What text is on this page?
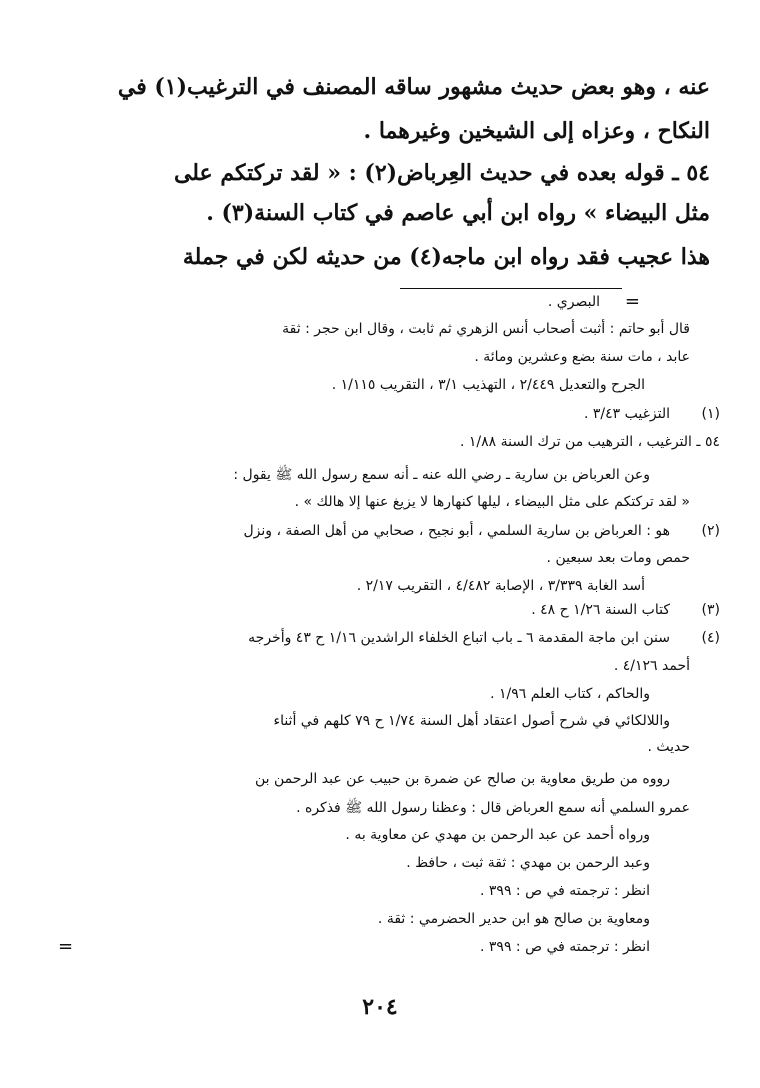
عنه ، وهو بعض حديث مشهور ساقه المصنف في الترغيب(١) في
النكاح ، وعزاه إلى الشيخين وغيرهما .
٥٤ ـ قوله بعده في حديث العِرباض(٢) : « لقد تركتكم على
مثل البيضاء » رواه ابن أبي عاصم في كتاب السنة(٣) .
هذا عجيب فقد رواه ابن ماجه(٤) من حديثه لكن في جملة
=
(١)
(٢)
(٣)
(٤)
البصري .
قال أبو حاتم : أثبت أصحاب أنس الزهري ثم ثابت ، وقال ابن حجر : ثقة
عابد ، مات سنة بضع وعشرين ومائة .
الجرح والتعديل ٢/٤٤٩ ، التهذيب ٣/١ ، التقريب ١/١١٥ .
التزغيب ٣/٤٣ .
٥٤ ـ الترغيب ، الترهيب من ترك السنة ١/٨٨ .
وعن العرباض بن سارية ـ رضي الله عنه ـ أنه سمع رسول الله ﷺ يقول :
« لقد تركتكم على مثل البيضاء ، ليلها كنهارها لا يزيغ عنها إلا هالك » .
هو : العرباض بن سارية السلمي ، أبو نجيح ، صحابي من أهل الصفة ، ونزل
حمص ومات بعد سبعين .
أسد الغابة ٣/٣٣٩ ، الإصابة ٤/٤٨٢ ، التقريب ٢/١٧ .
كتاب السنة ١/٢٦ ح ٤٨ .
سنن ابن ماجة المقدمة ٦ ـ باب اتباع الخلفاء الراشدين ١/١٦ ح ٤٣ وأخرجه
أحمد ٤/١٢٦ .
والحاكم ، كتاب العلم ١/٩٦ .
واللالكائي في شرح أصول اعتقاد أهل السنة ١/٧٤ ح ٧٩ كلهم في أثناء
حديث .
رووه من طريق معاوية بن صالح عن ضمرة بن حبيب عن عبد الرحمن بن
عمرو السلمي أنه سمع العرباض قال : وعظنا رسول الله ﷺ فذكره .
ورواه أحمد عن عبد الرحمن بن مهدي عن معاوية به .
وعبد الرحمن بن مهدي : ثقة ثبت ، حافظ .
انظر : ترجمته في ص : ٣٩٩ .
ومعاوية بن صالح هو ابن حدير الحضرمي : ثقة .
انظر : ترجمته في ص : ٣٩٩ .
=
٢٠٤
